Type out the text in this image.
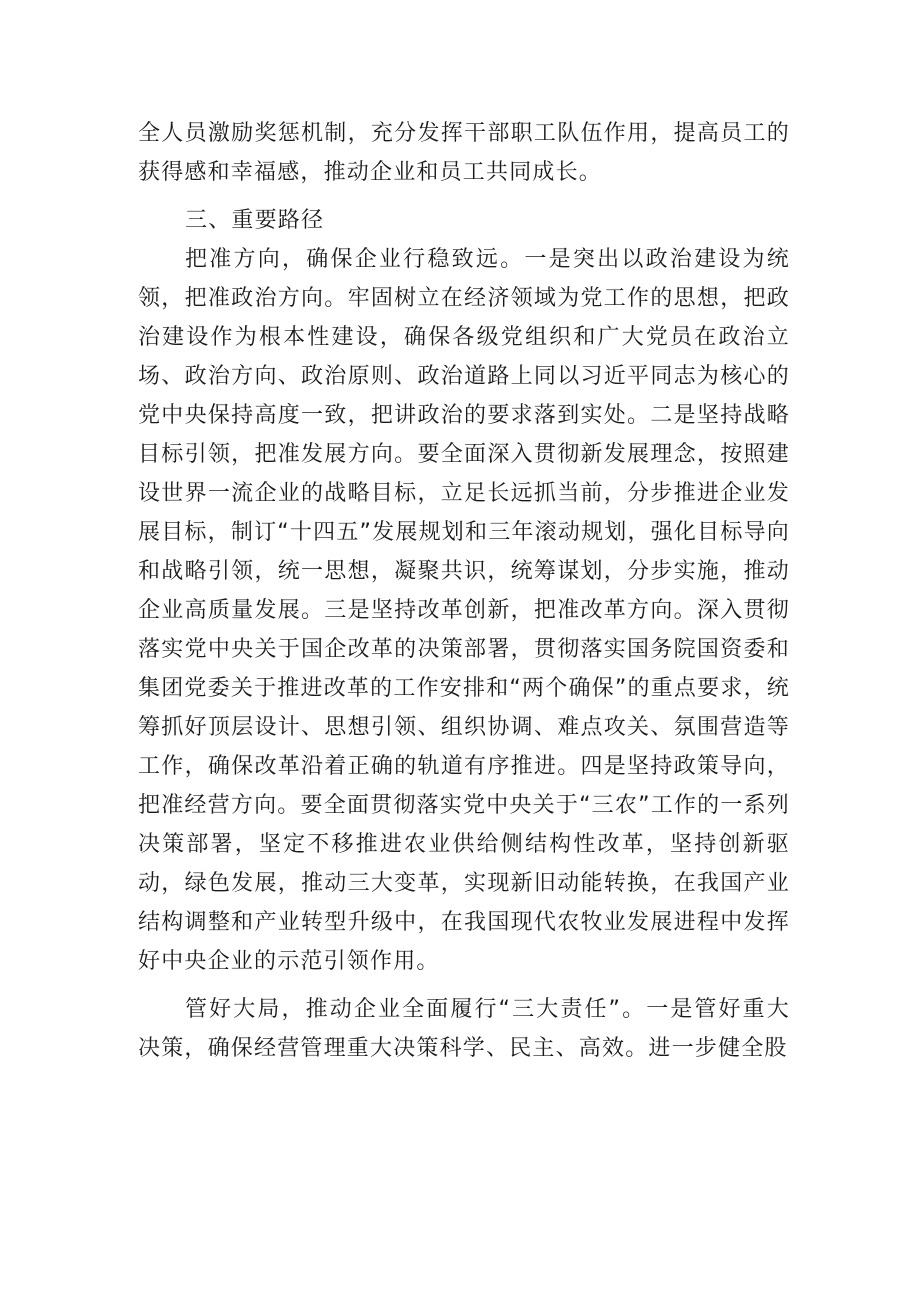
全人员激励奖惩机制，充分发挥干部职工队伍作用，提高员工的获得感和幸福感，推动企业和员工共同成长。

三、重要路径

把准方向，确保企业行稳致远。一是突出以政治建设为统领，把准政治方向。牢固树立在经济领域为党工作的思想，把政治建设作为根本性建设，确保各级党组织和广大党员在政治立场、政治方向、政治原则、政治道路上同以习近平同志为核心的党中央保持高度一致，把讲政治的要求落到实处。二是坚持战略目标引领，把准发展方向。要全面深入贯彻新发展理念，按照建设世界一流企业的战略目标，立足长远抓当前，分步推进企业发展目标，制订“十四五”发展规划和三年滚动规划，强化目标导向和战略引领，统一思想，凝聚共识，统筹谋划，分步实施，推动企业高质量发展。三是坚持改革创新，把准改革方向。深入贯彻落实党中央关于国企改革的决策部署，贯彻落实国务院国资委和集团党委关于推进改革的工作安排和“两个确保”的重点要求，统筹抓好顶层设计、思想引领、组织协调、难点攻关、氛围营造等工作，确保改革沿着正确的轨道有序推进。四是坚持政策导向，把准经营方向。要全面贯彻落实党中央关于“三农”工作的一系列决策部署，坚定不移推进农业供给侧结构性改革，坚持创新驱动，绿色发展，推动三大变革，实现新旧动能转换，在我国产业结构调整和产业转型升级中，在我国现代农牧业发展进程中发挥好中央企业的示范引领作用。

管好大局，推动企业全面履行“三大责任”。一是管好重大决策，确保经营管理重大决策科学、民主、高效。进一步健全股
